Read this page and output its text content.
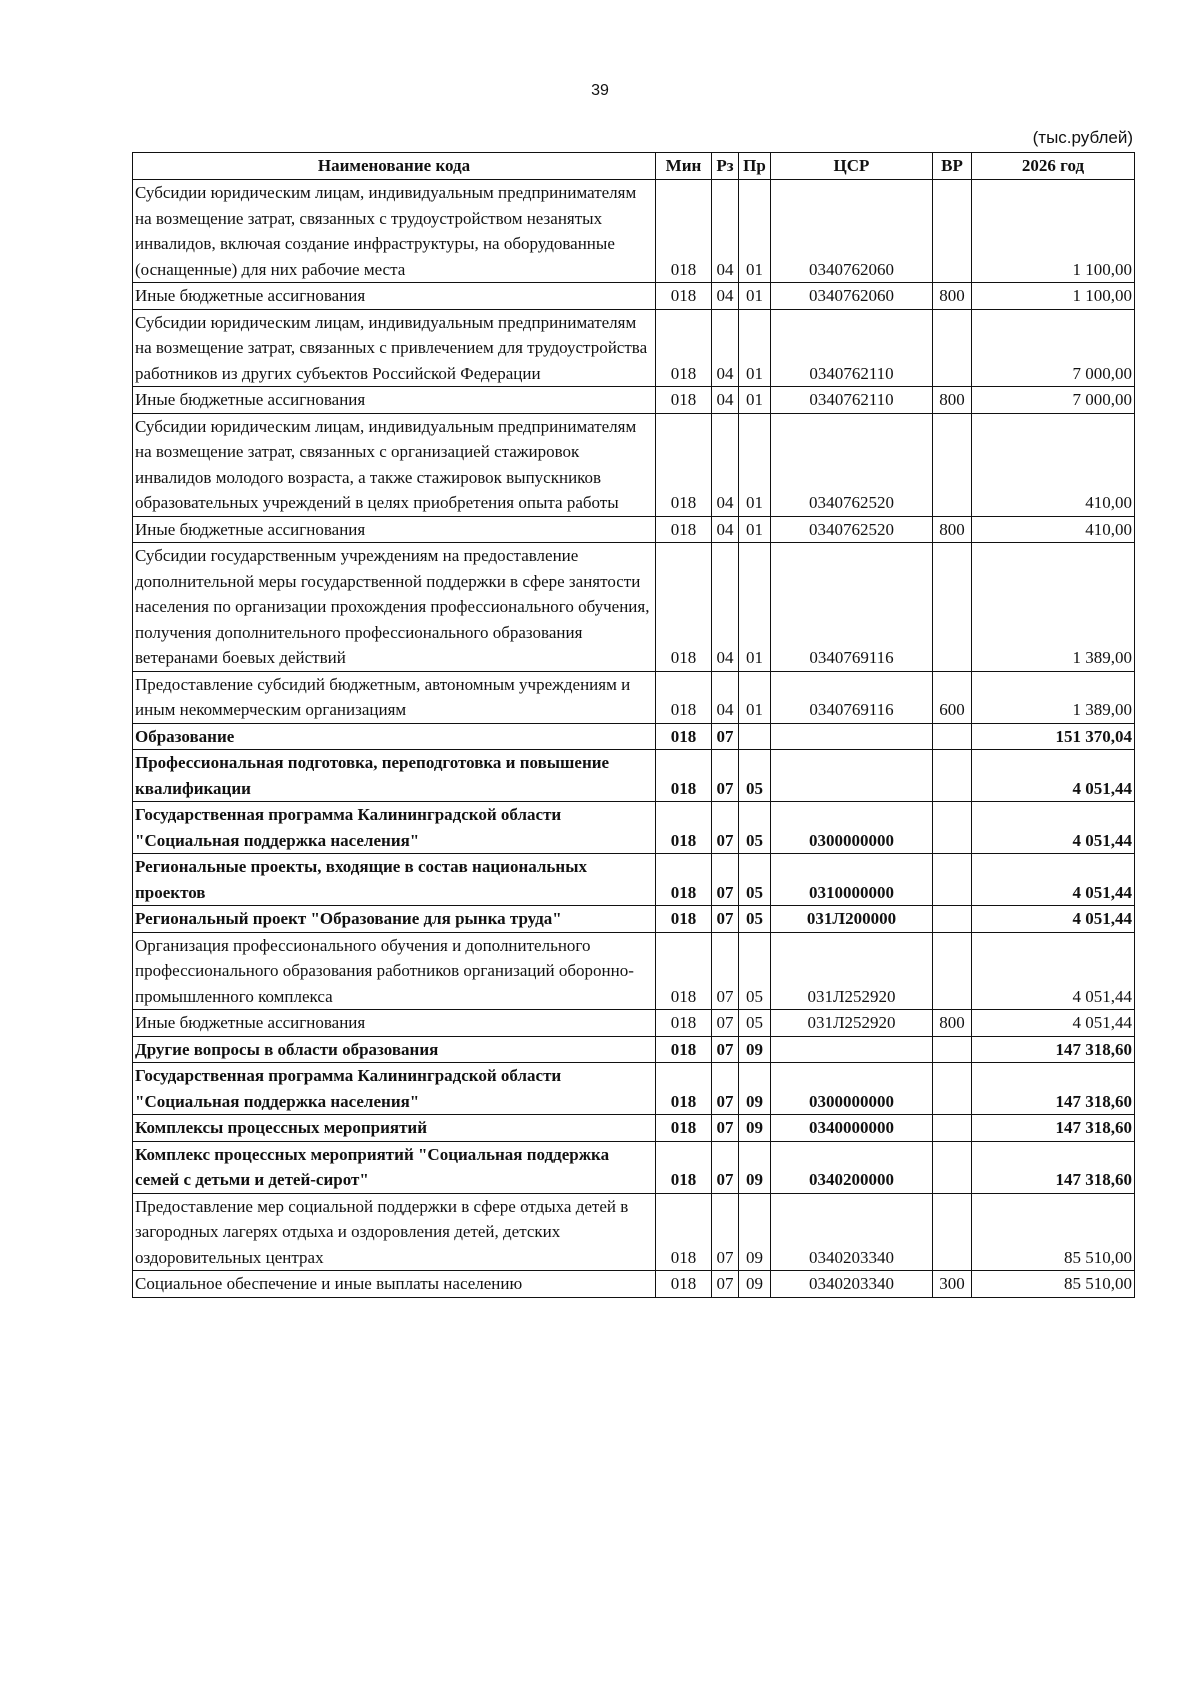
39
(тыс.рублей)
Наименование кода	Мин	Рз	Пр	ЦСР	ВР	2026 год
Субсидии юридическим лицам, индивидуальным предпринимателям на возмещение затрат, связанных с трудоустройством незанятых инвалидов, включая создание инфраструктуры, на оборудованные (оснащенные) для них рабочие места	018	04	01	0340762060		1 100,00
Иные бюджетные ассигнования	018	04	01	0340762060	800	1 100,00
Субсидии юридическим лицам, индивидуальным предпринимателям на возмещение затрат, связанных с привлечением для трудоустройства работников из других субъектов Российской Федерации	018	04	01	0340762110		7 000,00
Иные бюджетные ассигнования	018	04	01	0340762110	800	7 000,00
Субсидии юридическим лицам, индивидуальным предпринимателям на возмещение затрат, связанных с организацией стажировок инвалидов молодого возраста, а также стажировок выпускников образовательных учреждений в целях приобретения опыта работы	018	04	01	0340762520		410,00
Иные бюджетные ассигнования	018	04	01	0340762520	800	410,00
Субсидии государственным учреждениям на предоставление дополнительной меры государственной поддержки в сфере занятости населения по организации прохождения профессионального обучения, получения дополнительного профессионального образования ветеранами боевых действий	018	04	01	0340769116		1 389,00
Предоставление субсидий бюджетным, автономным учреждениям и иным некоммерческим организациям	018	04	01	0340769116	600	1 389,00
Образование	018	07				151 370,04
Профессиональная подготовка, переподготовка и повышение квалификации	018	07	05			4 051,44
Государственная программа Калининградской области "Социальная поддержка населения"	018	07	05	0300000000		4 051,44
Региональные проекты, входящие в состав национальных проектов	018	07	05	0310000000		4 051,44
Региональный проект "Образование для рынка труда"	018	07	05	031Л200000		4 051,44
Организация профессионального обучения и дополнительного профессионального образования работников организаций оборонно-промышленного комплекса	018	07	05	031Л252920		4 051,44
Иные бюджетные ассигнования	018	07	05	031Л252920	800	4 051,44
Другие вопросы в области образования	018	07	09			147 318,60
Государственная программа Калининградской области "Социальная поддержка населения"	018	07	09	0300000000		147 318,60
Комплексы процессных мероприятий	018	07	09	0340000000		147 318,60
Комплекс процессных мероприятий "Социальная поддержка семей с детьми и детей-сирот"	018	07	09	0340200000		147 318,60
Предоставление мер социальной поддержки в сфере отдыха детей в загородных лагерях отдыха и оздоровления детей, детских оздоровительных центрах	018	07	09	0340203340		85 510,00
Социальное обеспечение и иные выплаты населению	018	07	09	0340203340	300	85 510,00
